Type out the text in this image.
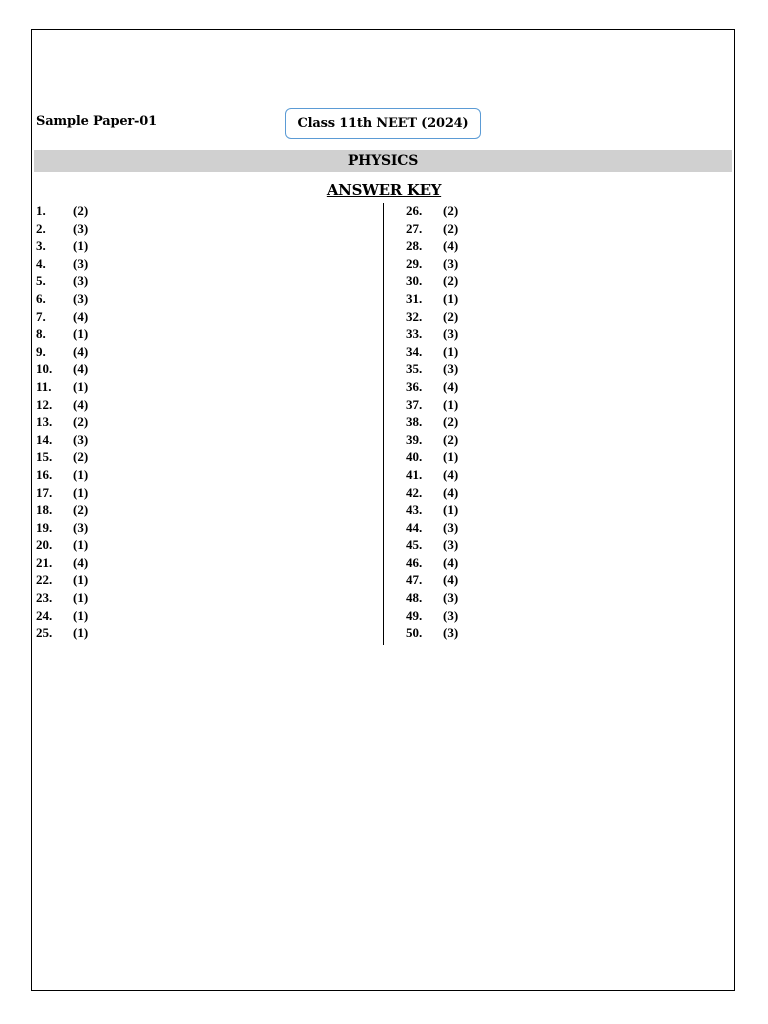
Sample Paper-01	Class 11th NEET (2024)
PHYSICS
ANSWER KEY
1. (2)
2. (3)
3. (1)
4. (3)
5. (3)
6. (3)
7. (4)
8. (1)
9. (4)
10. (4)
11. (1)
12. (4)
13. (2)
14. (3)
15. (2)
16. (1)
17. (1)
18. (2)
19. (3)
20. (1)
21. (4)
22. (1)
23. (1)
24. (1)
25. (1)
26. (2)
27. (2)
28. (4)
29. (3)
30. (2)
31. (1)
32. (2)
33. (3)
34. (1)
35. (3)
36. (4)
37. (1)
38. (2)
39. (2)
40. (1)
41. (4)
42. (4)
43. (1)
44. (3)
45. (3)
46. (4)
47. (4)
48. (3)
49. (3)
50. (3)
